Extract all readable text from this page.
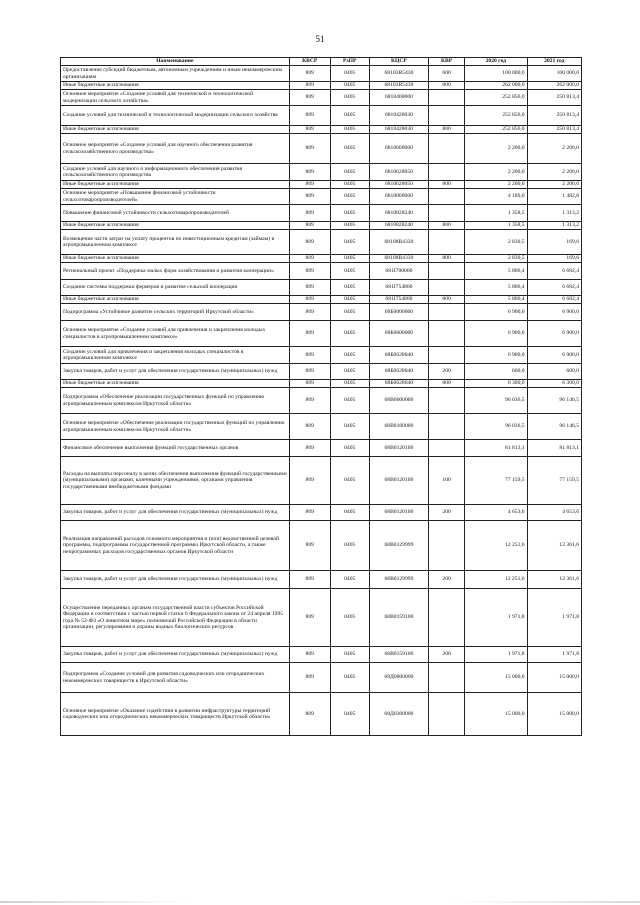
51
Наименование	КВСР	РзПР	КЦСР	КВР	2020 год	2021 год
Предоставление субсидий бюджетным, автономным учреждениям и иным некоммерческим организациям	809	0405	68103R5430	600	100 000,0	100 000,0
Иные бюджетные ассигнования	809	0405	68103R5430	800	262 000,0	262 000,0
Основное мероприятие «Создание условий для технической и технологической модернизации сельского хозяйства»	809	0405	6810400000		252 856,0	250 813,4
Создание условий для технической и технологической модернизации сельского хозяйства	809	0405	6810428030		252 856,0	250 813,4
Иные бюджетные ассигнования	809	0405	6810428030	800	252 856,0	250 813,4
Основное мероприятие «Создание условий для научного обеспечения развития сельскохозяйственного производства»	809	0405	6810600000		2 200,0	2 200,0
Создание условий для научного и информационного обеспечения развития сельскохозяйственного производства	809	0405	6810628050		2 200,0	2 200,0
Иные бюджетные ассигнования	809	0405	6810628050	800	2 200,0	2 200,0
Основное мероприятие «Повышение финансовой устойчивости сельхозтоваропроизводителей»	809	0405	6810800000		4 189,0	1 482,8
Повышение финансовой устойчивости сельхозтоваропроизводителей	809	0405	6810828240		1 358,5	1 313,2
Иные бюджетные ассигнования	809	0405	6810828240	800	1 358,5	1 313,2
Возмещение части затрат на уплату процентов по инвестиционным кредитам (займам) в агропромышленном комплексе	809	0405	68108R4330		2 830,5	169,6
Иные бюджетные ассигнования	809	0405	68108R4330	800	2 830,5	169,6
Региональный проект «Поддержка малых форм хозяйствования и развития кооперации»	809	0405	681I700000		5 806,4	6 682,4
Создание системы поддержки фермеров и развитие сельской кооперации	809	0405	681I754800		5 806,4	6 682,4
Иные бюджетные ассигнования	809	0405	681I754800	800	5 806,4	6 682,4
Подпрограмма «Устойчивое развитие сельских территорий Иркутской области»	809	0405	68Б0000000		6 900,0	6 900,0
Основное мероприятие «Создание условий для привлечения и закрепления молодых специалистов в агропромышленном комплексе»	809	0405	68Б0600000		6 900,0	6 900,0
Создание условий для привлечения и закрепления молодых специалистов в агропромышленном комплексе	809	0405	68Б0628040		6 900,0	6 900,0
Закупка товаров, работ и услуг для обеспечения государственных (муниципальных) нужд	809	0405	68Б0628040	200	600,0	600,0
Иные бюджетные ассигнования	809	0405	68Б0628040	800	6 300,0	6 300,0
Подпрограмма «Обеспечение реализации государственных функций по управлению агропромышленным комплексом Иркутской области»	809	0405	68В0000000		96 036,5	96 146,5
Основное мероприятие «Обеспечение реализации государственных функций по управлению агропромышленным комплексом Иркутской области»	809	0405	68В0100000		96 036,5	96 146,5
Финансовое обеспечение выполнения функций государственных органов	809	0405	68В0120100		81 813,1	81 813,1
Расходы на выплаты персоналу в целях обеспечения выполнения функций государственными (муниципальными) органами, казенными учреждениями, органами управления государственными внебюджетными фондами	809	0405	68В0120100	100	77 159,5	77 159,5
Закупка товаров, работ и услуг для обеспечения государственных (муниципальных) нужд	809	0405	68В0120100	200	4 653,6	4 653,6
Реализация направлений расходов основного мероприятия и (или) ведомственной целевой программы, подпрограммы государственной программы Иркутской области, а также непрограммных расходов государственных органов Иркутской области	809	0405	68В0129999		12 251,6	12 361,6
Закупка товаров, работ и услуг для обеспечения государственных (муниципальных) нужд	809	0405	68В0129999	200	12 251,6	12 361,6
Осуществление переданных органам государственной власти субъектов Российской Федерации в соответствии с частью первой статьи 6 Федерального закона от 24 апреля 1995 года № 52-ФЗ «О животном мире» полномочий Российской Федерации в области организации, регулирования и охраны водных биологических ресурсов	809	0405	68В0159100		1 971,8	1 971,8
Закупка товаров, работ и услуг для обеспечения государственных (муниципальных) нужд	809	0405	68В0159100	200	1 971,8	1 971,8
Подпрограмма «Создание условий для развития садоводческих или огороднических некоммерческих товариществ в Иркутской области»	809	0405	68Д0000000		15 000,0	15 000,0
Основное мероприятие «Оказание содействия в развитии инфраструктуры территорий садоводческих или огороднических некоммерческих товариществ Иркутской области»	809	0405	68Д0300000		15 000,0	15 000,0
